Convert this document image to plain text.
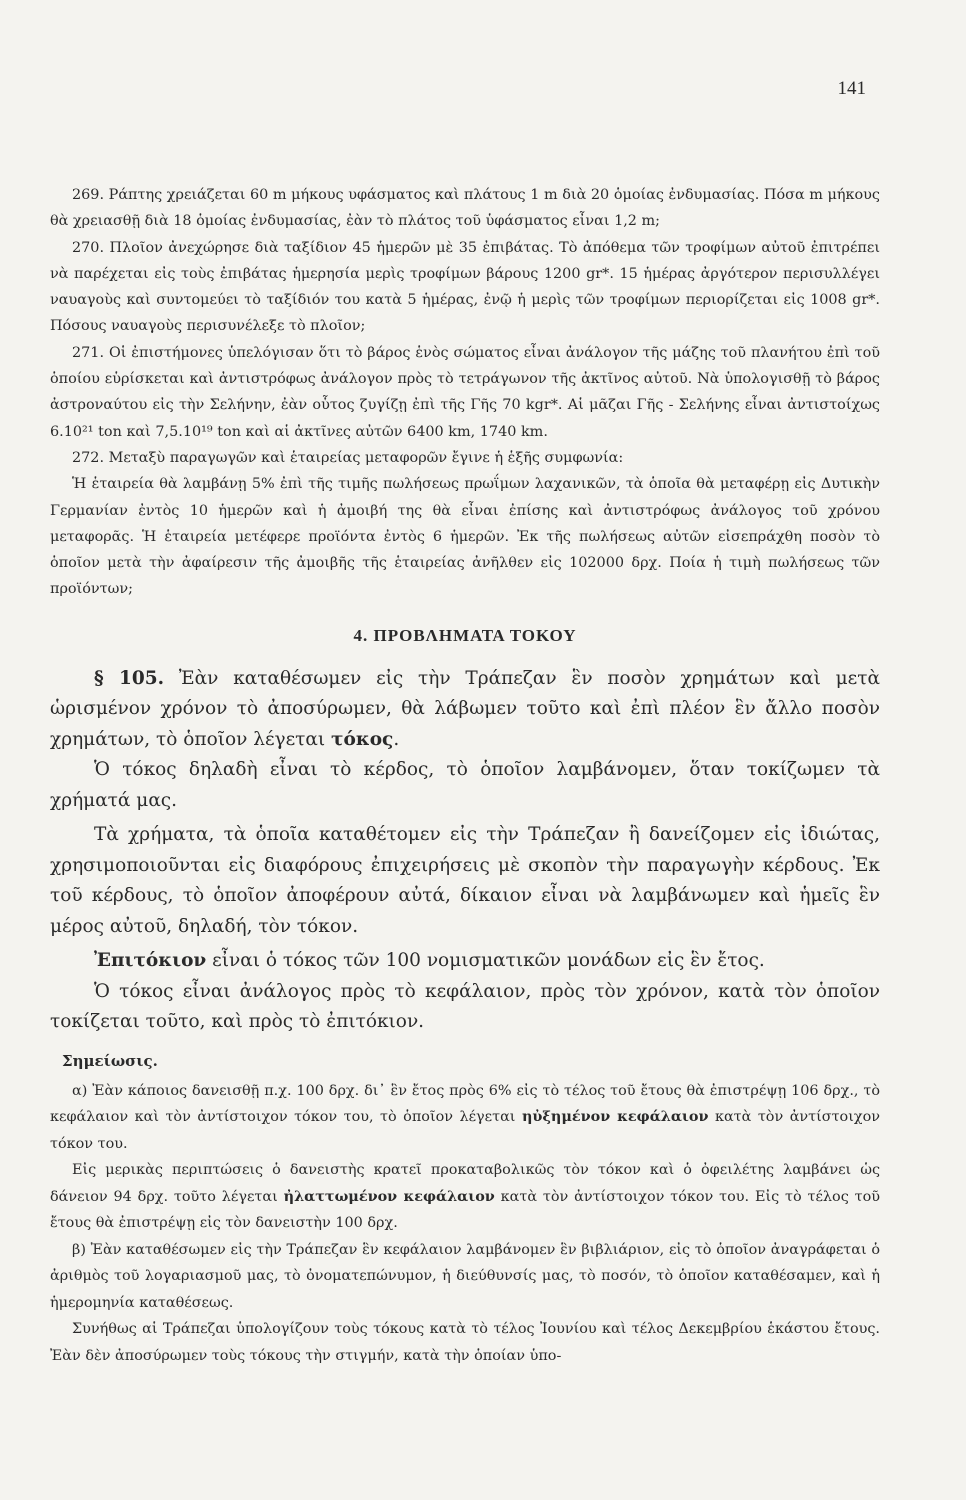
141

269. Ράπτης χρειάζεται 60 m μήκους υφάσματος καὶ πλάτους 1 m διὰ 20 ὁμοίας ἐνδυμασίας. Πόσα m μήκους θὰ χρειασθῇ διὰ 18 ὁμοίας ἐνδυμασίας, ἐὰν τὸ πλάτος τοῦ ὑφάσματος εἶναι 1,2 m;

270. Πλοῖον ἀνεχώρησε διὰ ταξίδιον 45 ἡμερῶν μὲ 35 ἐπιβάτας. Τὸ ἀπόθεμα τῶν τροφίμων αὐτοῦ ἐπιτρέπει νὰ παρέχεται εἰς τοὺς ἐπιβάτας ἡμερησία μερὶς τροφίμων βάρους 1200 gr*. 15 ἡμέρας ἀργότερον περισυλλέγει ναυαγοὺς καὶ συντομεύει τὸ ταξίδιόν του κατὰ 5 ἡμέρας, ἐνῷ ἡ μερὶς τῶν τροφίμων περιορίζεται εἰς 1008 gr*. Πόσους ναυαγοὺς περισυνέλεξε τὸ πλοῖον;

271. Οἱ ἐπιστήμονες ὑπελόγισαν ὅτι τὸ βάρος ἑνὸς σώματος εἶναι ἀνάλογον τῆς μάζης τοῦ πλανήτου ἐπὶ τοῦ ὁποίου εὑρίσκεται καὶ ἀντιστρόφως ἀνάλογον πρὸς τὸ τετράγωνον τῆς ἀκτῖνος αὐτοῦ. Νὰ ὑπολογισθῇ τὸ βάρος ἀστροναύτου εἰς τὴν Σελήνην, ἐὰν οὗτος ζυγίζῃ ἐπὶ τῆς Γῆς 70 kgr*. Αἱ μᾶζαι Γῆς - Σελήνης εἶναι ἀντιστοίχως 6.10²¹ ton καὶ 7,5.10¹⁹ ton καὶ αἱ ἀκτῖνες αὐτῶν 6400 km, 1740 km.

272. Μεταξὺ παραγωγῶν καὶ ἑταιρείας μεταφορῶν ἔγινε ἡ ἑξῆς συμφωνία:

Ἡ ἑταιρεία θὰ λαμβάνῃ 5% ἐπὶ τῆς τιμῆς πωλήσεως πρωΐμων λαχανικῶν, τὰ ὁποῖα θὰ μεταφέρῃ εἰς Δυτικὴν Γερμανίαν ἐντὸς 10 ἡμερῶν καὶ ἡ ἀμοιβή της θὰ εἶναι ἐπίσης καὶ ἀντιστρόφως ἀνάλογος τοῦ χρόνου μεταφορᾶς. Ἡ ἑταιρεία μετέφερε προϊόντα ἐντὸς 6 ἡμερῶν. Ἐκ τῆς πωλήσεως αὐτῶν εἰσεπράχθη ποσὸν τὸ ὁποῖον μετὰ τὴν ἀφαίρεσιν τῆς ἀμοιβῆς τῆς ἑταιρείας ἀνῆλθεν εἰς 102000 δρχ. Ποία ἡ τιμὴ πωλήσεως τῶν προϊόντων;

4. ΠΡΟΒΛΗΜΑΤΑ ΤΟΚΟΥ

§ 105. Ἐὰν καταθέσωμεν εἰς τὴν Τράπεζαν ἓν ποσὸν χρημάτων καὶ μετὰ ὡρισμένον χρόνον τὸ ἀποσύρωμεν, θὰ λάβωμεν τοῦτο καὶ ἐπὶ πλέον ἓν ἄλλο ποσὸν χρημάτων, τὸ ὁποῖον λέγεται τόκος.

Ὁ τόκος δηλαδὴ εἶναι τὸ κέρδος, τὸ ὁποῖον λαμβάνομεν, ὅταν τοκίζωμεν τὰ χρήματά μας.

Τὰ χρήματα, τὰ ὁποῖα καταθέτομεν εἰς τὴν Τράπεζαν ἢ δανείζομεν εἰς ἰδιώτας, χρησιμοποιοῦνται εἰς διαφόρους ἐπιχειρήσεις μὲ σκοπὸν τὴν παραγωγὴν κέρδους. Ἐκ τοῦ κέρδους, τὸ ὁποῖον ἀποφέρουν αὐτά, δίκαιον εἶναι νὰ λαμβάνωμεν καὶ ἡμεῖς ἓν μέρος αὐτοῦ, δηλαδή, τὸν τόκον.

Ἐπιτόκιον εἶναι ὁ τόκος τῶν 100 νομισματικῶν μονάδων εἰς ἓν ἔτος.

Ὁ τόκος εἶναι ἀνάλογος πρὸς τὸ κεφάλαιον, πρὸς τὸν χρόνον, κατὰ τὸν ὁποῖον τοκίζεται τοῦτο, καὶ πρὸς τὸ ἐπιτόκιον.

Σημείωσις.

α) Ἐὰν κάποιος δανεισθῇ π.χ. 100 δρχ. δι᾽ ἓν ἔτος πρὸς 6% εἰς τὸ τέλος τοῦ ἔτους θὰ ἐπιστρέψῃ 106 δρχ., τὸ κεφάλαιον καὶ τὸν ἀντίστοιχον τόκον του, τὸ ὁποῖον λέγεται ηὐξημένον κεφάλαιον κατὰ τὸν ἀντίστοιχον τόκον του.

Εἰς μερικὰς περιπτώσεις ὁ δανειστὴς κρατεῖ προκαταβολικῶς τὸν τόκον καὶ ὁ ὀφειλέτης λαμβάνει ὡς δάνειον 94 δρχ. τοῦτο λέγεται ἠλαττωμένον κεφάλαιον κατὰ τὸν ἀντίστοιχον τόκον του. Εἰς τὸ τέλος τοῦ ἔτους θὰ ἐπιστρέψῃ εἰς τὸν δανειστὴν 100 δρχ.

β) Ἐὰν καταθέσωμεν εἰς τὴν Τράπεζαν ἓν κεφάλαιον λαμβάνομεν ἓν βιβλιάριον, εἰς τὸ ὁποῖον ἀναγράφεται ὁ ἀριθμὸς τοῦ λογαριασμοῦ μας, τὸ ὀνοματεπώνυμον, ἡ διεύθυνσίς μας, τὸ ποσόν, τὸ ὁποῖον καταθέσαμεν, καὶ ἡ ἡμερομηνία καταθέσεως.

Συνήθως αἱ Τράπεζαι ὑπολογίζουν τοὺς τόκους κατὰ τὸ τέλος Ἰουνίου καὶ τέλος Δεκεμβρίου ἑκάστου ἔτους. Ἐὰν δὲν ἀποσύρωμεν τοὺς τόκους τὴν στιγμήν, κατὰ τὴν ὁποίαν ὑπο-
